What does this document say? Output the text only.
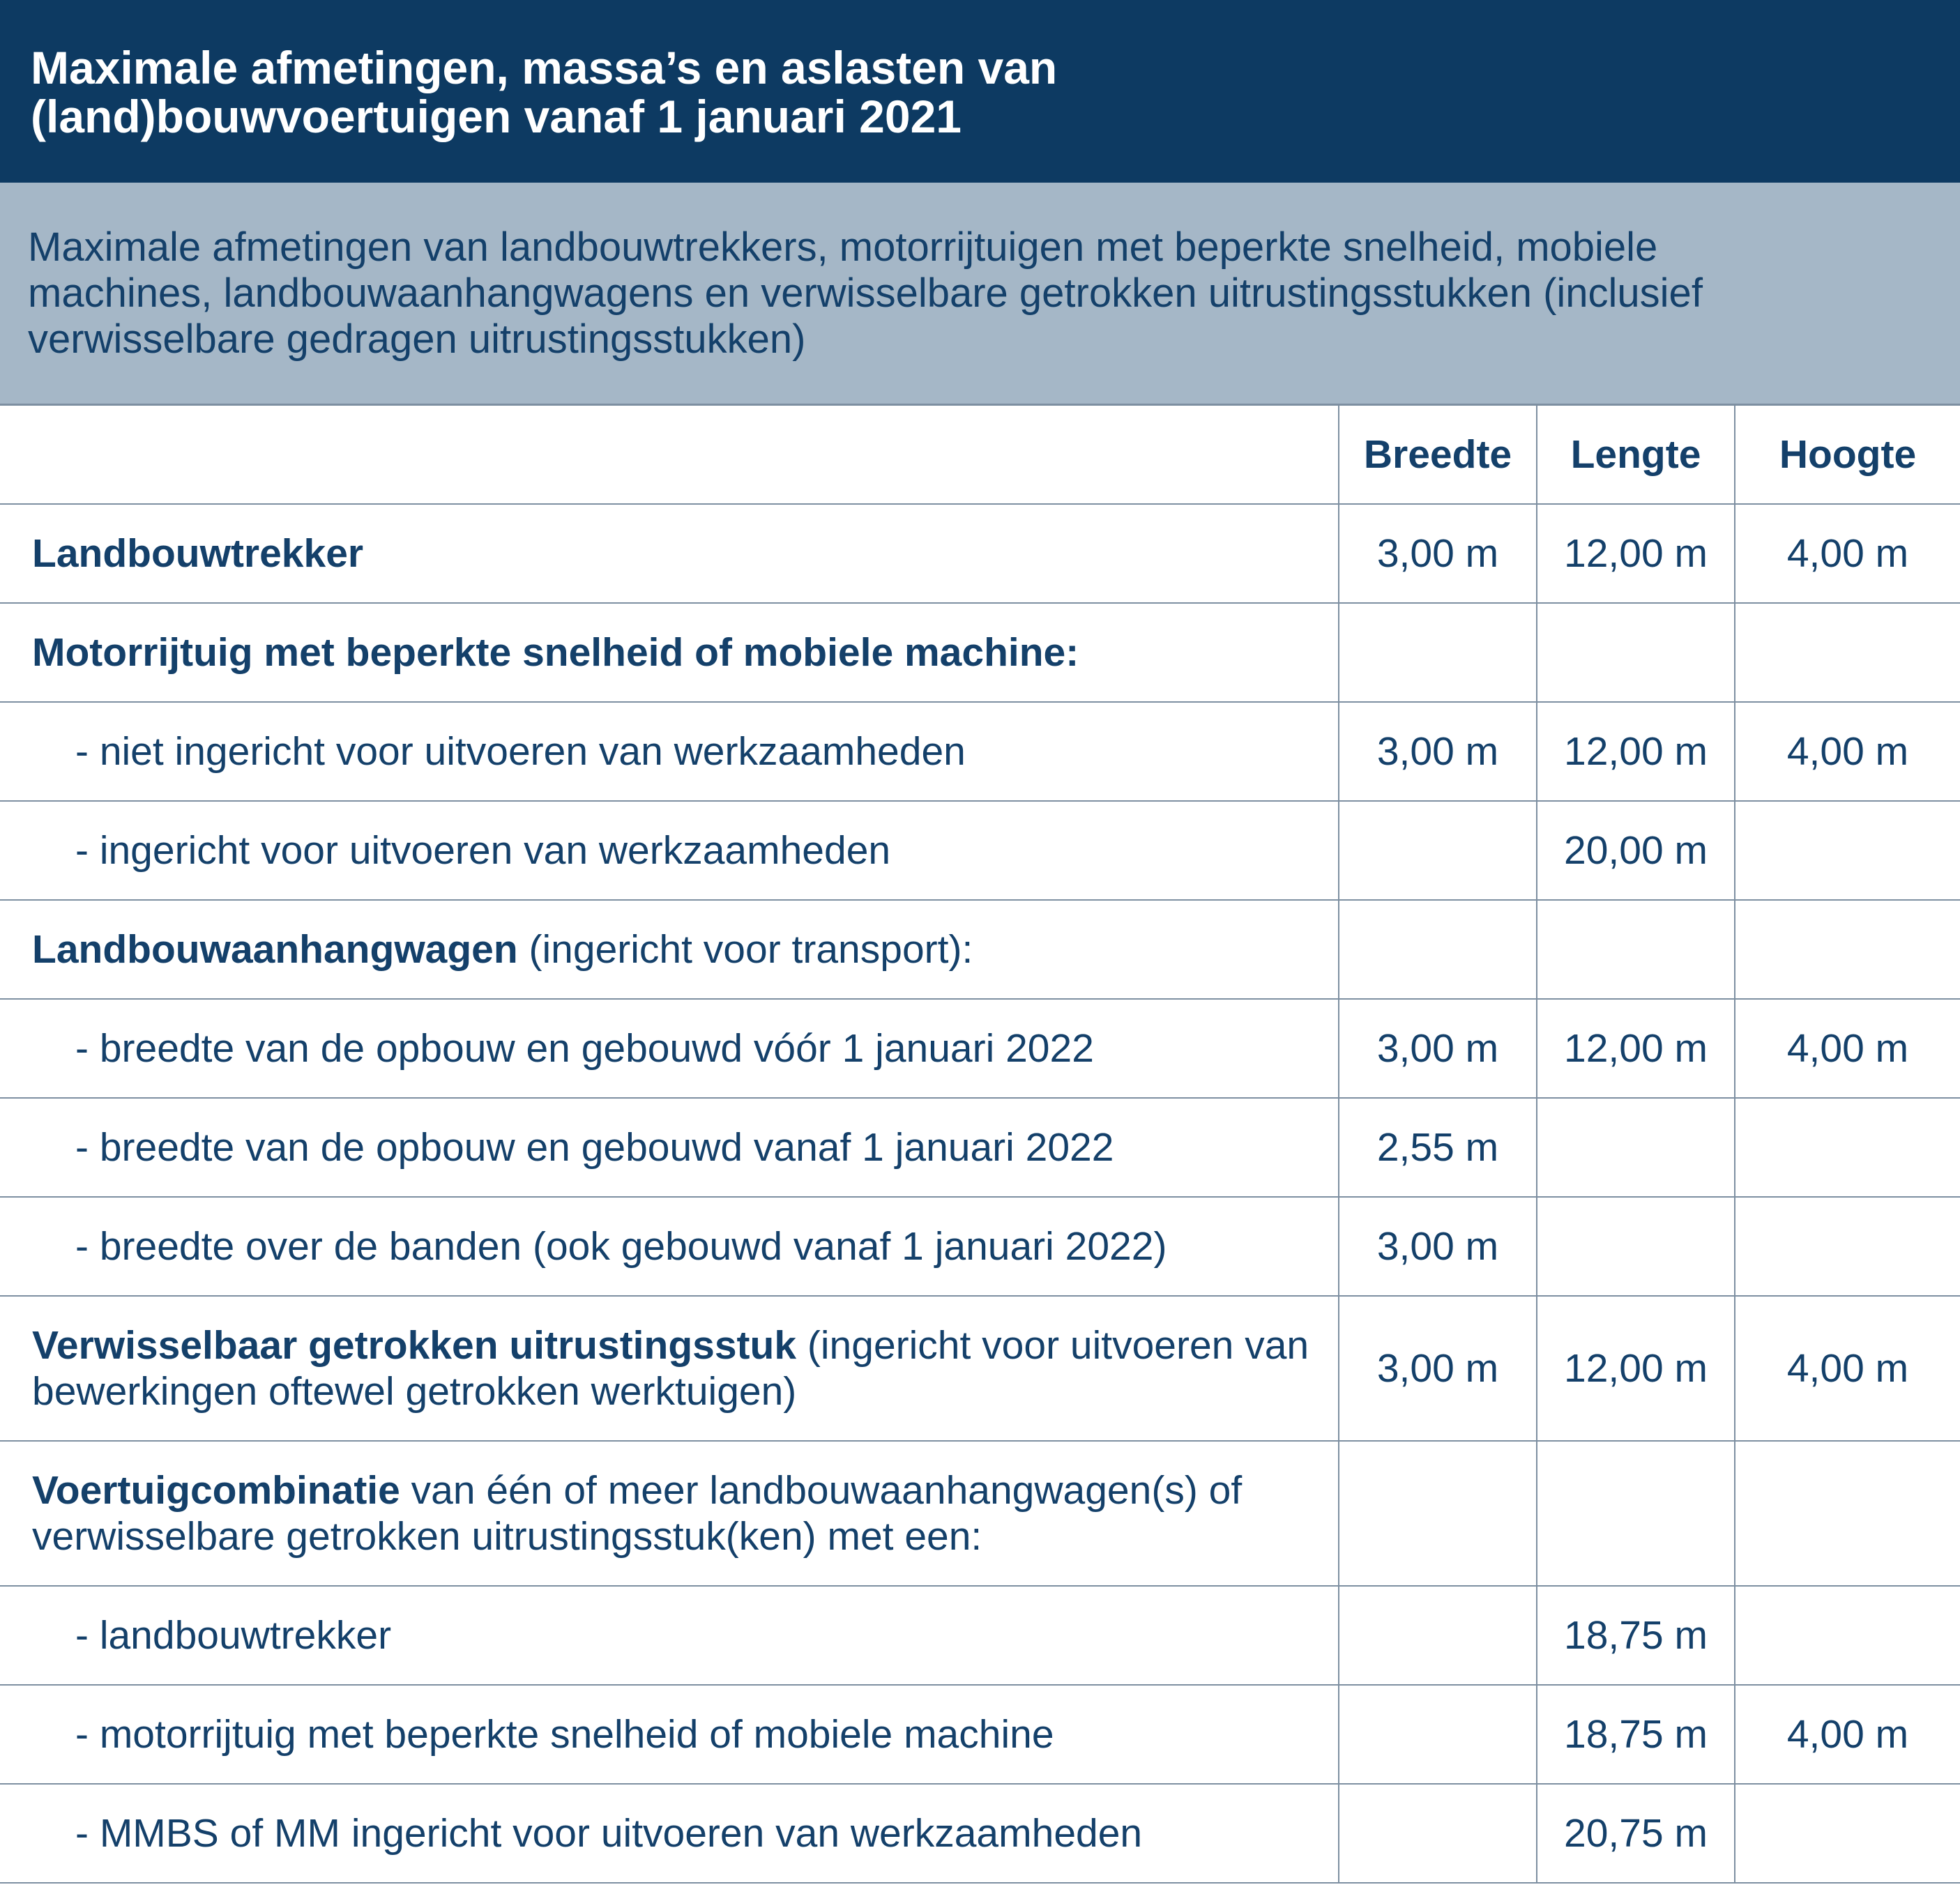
Maximale afmetingen, massa’s en aslasten van
(land)bouwvoertuigen vanaf 1 januari 2021

Maximale afmetingen van landbouwtrekkers, motorrijtuigen met beperkte snelheid, mobiele
machines, landbouwaanhangwagens en verwisselbare getrokken uitrustingsstukken (inclusief
verwisselbare gedragen uitrustingsstukken)

	Breedte	Lengte	Hoogte
Landbouwtrekker	3,00 m	12,00 m	4,00 m
Motorrijtuig met beperkte snelheid of mobiele machine:			
- niet ingericht voor uitvoeren van werkzaamheden	3,00 m	12,00 m	4,00 m
- ingericht voor uitvoeren van werkzaamheden		20,00 m	
Landbouwaanhangwagen (ingericht voor transport):			
- breedte van de opbouw en gebouwd vóór 1 januari 2022	3,00 m	12,00 m	4,00 m
- breedte van de opbouw en gebouwd vanaf 1 januari 2022	2,55 m		
- breedte over de banden (ook gebouwd vanaf 1 januari 2022)	3,00 m		
Verwisselbaar getrokken uitrustingsstuk (ingericht voor uitvoeren van bewerkingen oftewel getrokken werktuigen)	3,00 m	12,00 m	4,00 m
Voertuigcombinatie van één of meer landbouwaanhangwagen(s) of verwisselbare getrokken uitrustingsstuk(ken) met een:			
- landbouwtrekker		18,75 m	
- motorrijtuig met beperkte snelheid of mobiele machine		18,75 m	4,00 m
- MMBS of MM ingericht voor uitvoeren van werkzaamheden		20,75 m	
